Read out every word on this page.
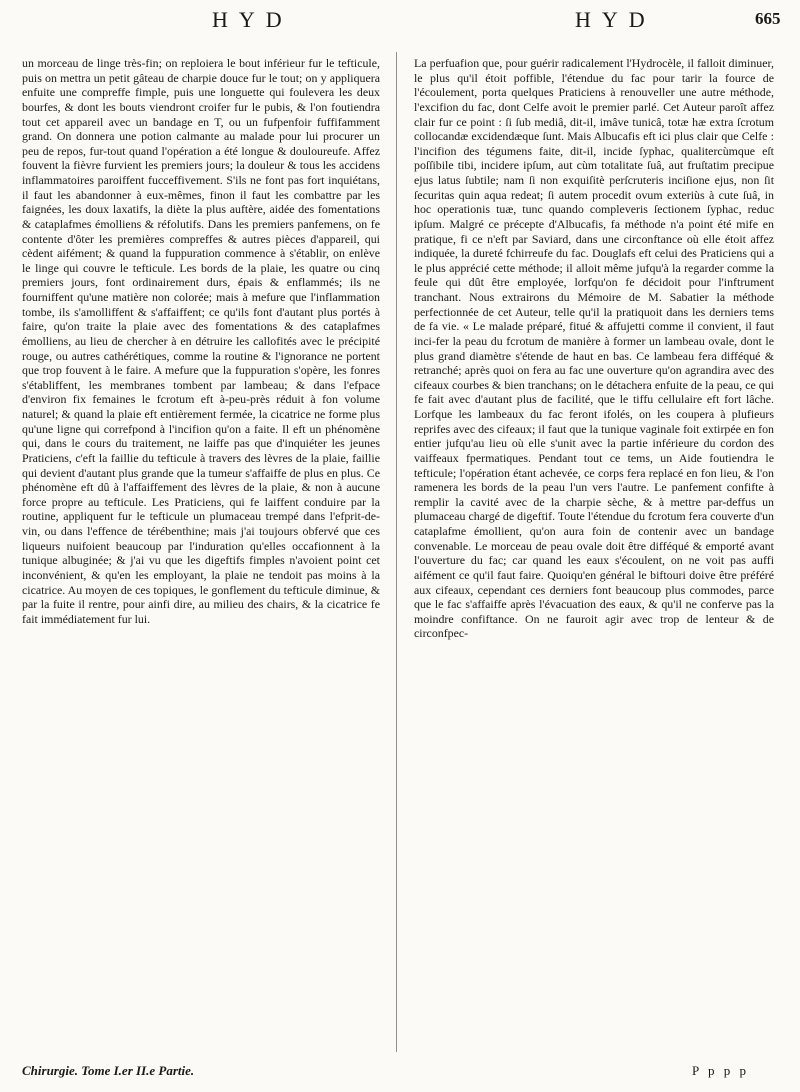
HYD	HYD	665

un morceau de linge très-fin; on reploiera le bout inférieur fur le tefticule, puis on mettra un petit gâteau de charpie douce fur le tout; on y appliquera enfuite une compreffe fimple, puis une longuette qui foulevera les deux bourfes, & dont les bouts viendront croifer fur le pubis, & l'on foutiendra tout cet appareil avec un bandage en T, ou un fufpenfoir fuffifamment grand. On donnera une potion calmante au malade pour lui procurer un peu de repos, fur-tout quand l'opération a été longue & douloureufe. Affez fouvent la fièvre furvient les premiers jours; la douleur & tous les accidens inflammatoires paroiffent fucceffivement. S'ils ne font pas fort inquiétans, il faut les abandonner à eux-mêmes, finon il faut les combattre par les faignées, les doux laxatifs, la diète la plus auftère, aidée des fomentations & cataplafmes émolliens & réfolutifs. Dans les premiers panfemens, on fe contente d'ôter les premières compreffes & autres pièces d'appareil, qui cèdent aifément; & quand la fuppuration commence à s'établir, on enlève le linge qui couvre le tefticule. Les bords de la plaie, les quatre ou cinq premiers jours, font ordinairement durs, épais & enflammés; ils ne fourniffent qu'une matière non colorée; mais à mefure que l'inflammation tombe, ils s'amolliffent & s'affaiffent; ce qu'ils font d'autant plus portés à faire, qu'on traite la plaie avec des fomentations & des cataplafmes émolliens, au lieu de chercher à en détruire les callofités avec le précipité rouge, ou autres cathérétiques, comme la routine & l'ignorance ne portent que trop fouvent à le faire. A mefure que la fuppuration s'opère, les fonres s'établiffent, les membranes tombent par lambeau; & dans l'efpace d'environ fix femaines le fcrotum eft à-peu-près réduit à fon volume naturel; & quand la plaie eft entièrement fermée, la cicatrice ne forme plus qu'une ligne qui correfpond à l'incifion qu'on a faite. Il eft un phénomène qui, dans le cours du traitement, ne laiffe pas que d'inquiéter les jeunes Praticiens, c'eft la faillie du tefticule à travers des lèvres de la plaie, faillie qui devient d'autant plus grande que la tumeur s'affaiffe de plus en plus. Ce phénomène eft dû à l'affaiffement des lèvres de la plaie, & non à aucune force propre au tefticule. Les Praticiens, qui fe laiffent conduire par la routine, appliquent fur le tefticule un plumaceau trempé dans l'efprit-de-vin, ou dans l'effence de térébenthine; mais j'ai toujours obfervé que ces liqueurs nuifoient beaucoup par l'induration qu'elles occafionnent à la tunique albuginée; & j'ai vu que les digeftifs fimples n'avoient point cet inconvénient, & qu'en les employant, la plaie ne tendoit pas moins à la cicatrice. Au moyen de ces topiques, le gonflement du tefticule diminue, & par la fuite il rentre, pour ainfi dire, au milieu des chairs, & la cicatrice fe fait immédiatement fur lui.

La perfuafion que, pour guérir radicalement l'Hydrocèle, il falloit diminuer, le plus qu'il étoit poffible, l'étendue du fac pour tarir la fource de l'écoulement, porta quelques Praticiens à renouveller une autre méthode, l'excifion du fac, dont Celfe avoit le premier parlé. Cet Auteur paroît affez clair fur ce point : ſi ſub mediâ, dit-il, imâve tunicâ, totæ hæ extra ſcrotum collocandæ excidendæque ſunt. Mais Albucafis eft ici plus clair que Celfe : l'incifion des tégumens faite, dit-il, incide ſyphac, qualitercùmque eſt poſſibile tibi, incidere ipſum, aut cùm totalitate ſuâ, aut fruſtatim precipue ejus latus ſubtile; nam ſi non exquiſitè perſcruteris inciſione ejus, non ſit ſecuritas quin aqua redeat; ſi autem procedit ovum exteriùs à cute ſuâ, in hoc operationis tuæ, tunc quando compleveris ſectionem ſyphac, reduc ipſum. Malgré ce précepte d'Albucafis, fa méthode n'a point été mife en pratique, fi ce n'eft par Saviard, dans une circonftance où elle étoit affez indiquée, la dureté fchirreufe du fac. Douglafs eft celui des Praticiens qui a le plus apprécié cette méthode; il alloit même jufqu'à la regarder comme la feule qui dût être employée, lorfqu'on fe décidoit pour l'inftrument tranchant. Nous extrairons du Mémoire de M. Sabatier la méthode perfectionnée de cet Auteur, telle qu'il la pratiquoit dans les derniers tems de fa vie. « Le malade préparé, fitué & affujetti comme il convient, il faut inci-fer la peau du fcrotum de manière à former un lambeau ovale, dont le plus grand diamètre s'étende de haut en bas. Ce lambeau fera difféqué & retranché; après quoi on fera au fac une ouverture qu'on agrandira avec des cifeaux courbes & bien tranchans; on le détachera enfuite de la peau, ce qui fe fait avec d'autant plus de facilité, que le tiffu cellulaire eft fort lâche. Lorfque les lambeaux du fac feront ifolés, on les coupera à plufieurs reprifes avec des cifeaux; il faut que la tunique vaginale foit extirpée en fon entier jufqu'au lieu où elle s'unit avec la partie inférieure du cordon des vaiffeaux fpermatiques. Pendant tout ce tems, un Aide foutiendra le tefticule; l'opération étant achevée, ce corps fera replacé en fon lieu, & l'on ramenera les bords de la peau l'un vers l'autre. Le panfement confifte à remplir la cavité avec de la charpie sèche, & à mettre par-deffus un plumaceau chargé de digeftif. Toute l'étendue du fcrotum fera couverte d'un cataplafme émollient, qu'on aura foin de contenir avec un bandage convenable. Le morceau de peau ovale doit être difféqué & emporté avant l'ouverture du fac; car quand les eaux s'écoulent, on ne voit pas auffi aifément ce qu'il faut faire. Quoiqu'en général le biftouri doive être préféré aux cifeaux, cependant ces derniers font beaucoup plus commodes, parce que le fac s'affaiffe après l'évacuation des eaux, & qu'il ne conferve pas la moindre confiftance. On ne fauroit agir avec trop de lenteur & de circonfpec-

Chirurgie. Tome I.er II.e Partie.	P p p p
